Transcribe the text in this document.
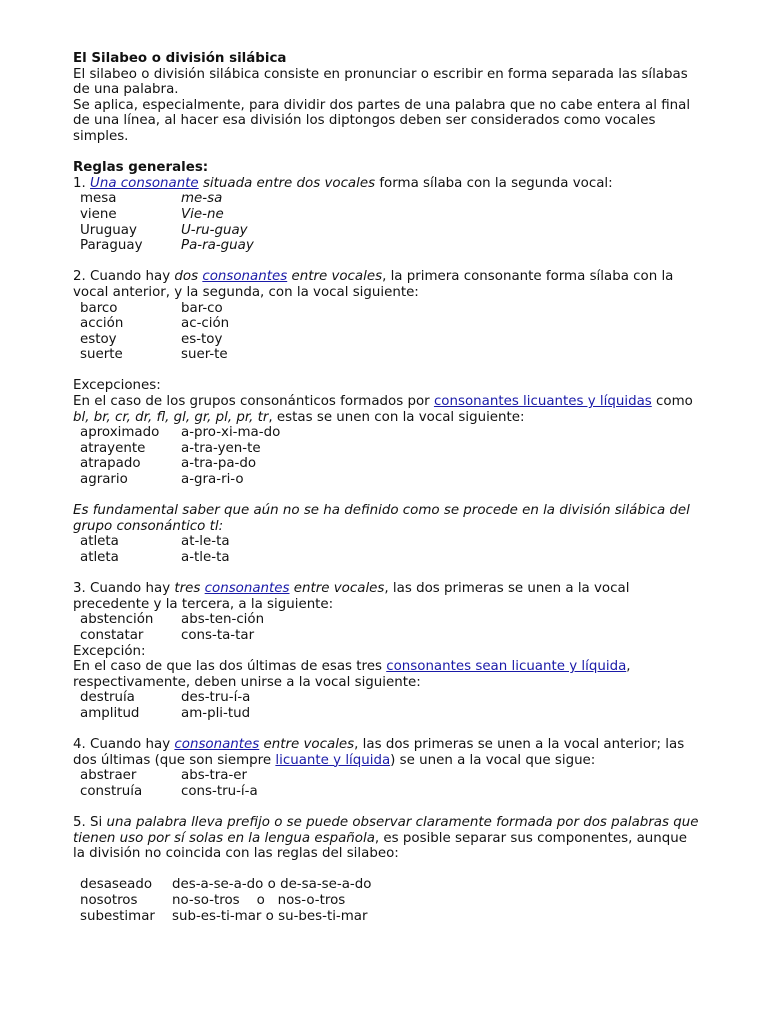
El Silabeo o división silábica

El silabeo o división silábica consiste en pronunciar o escribir en forma separada las sílabas de una palabra.

Se aplica, especialmente, para dividir dos partes de una palabra que no cabe entera al final de una línea, al hacer esa división los diptongos deben ser considerados como vocales simples.

Reglas generales:

1. Una consonante situada entre dos vocales forma sílaba con la segunda vocal:

mesa	me-sa
viene	Vie-ne
Uruguay	U-ru-guay
Paraguay	Pa-ra-guay

2. Cuando hay dos consonantes entre vocales, la primera consonante forma sílaba con la vocal anterior, y la segunda, con la vocal siguiente:

barco	bar-co
acción	ac-ción
estoy	es-toy
suerte	suer-te

Excepciones:

En el caso de los grupos consonánticos formados por consonantes licuantes y líquidas como bl, br, cr, dr, fl, gl, gr, pl, pr, tr, estas se unen con la vocal siguiente:

aproximado	a-pro-xi-ma-do
atrayente	a-tra-yen-te
atrapado	a-tra-pa-do
agrario	a-gra-ri-o

Es fundamental saber que aún no se ha definido como se procede en la división silábica del grupo consonántico tl:

atleta	at-le-ta
atleta	a-tle-ta

3. Cuando hay tres consonantes entre vocales, las dos primeras se unen a la vocal precedente y la tercera, a la siguiente:

abstención	abs-ten-ción
constatar	cons-ta-tar

Excepción:

En el caso de que las dos últimas de esas tres consonantes sean licuante y líquida, respectivamente, deben unirse a la vocal siguiente:

destruía	des-tru-í-a
amplitud	am-pli-tud

4. Cuando hay consonantes entre vocales, las dos primeras se unen a la vocal anterior; las dos últimas (que son siempre licuante y líquida) se unen a la vocal que sigue:

abstraer	abs-tra-er
construía	cons-tru-í-a

5. Si una palabra lleva prefijo o se puede observar claramente formada por dos palabras que tienen uso por sí solas en la lengua española, es posible separar sus componentes, aunque la división no coincida con las reglas del silabeo:

desaseado	des-a-se-a-do o de-sa-se-a-do
nosotros	no-so-tros    o   nos-o-tros
subestimar	sub-es-ti-mar o su-bes-ti-mar
